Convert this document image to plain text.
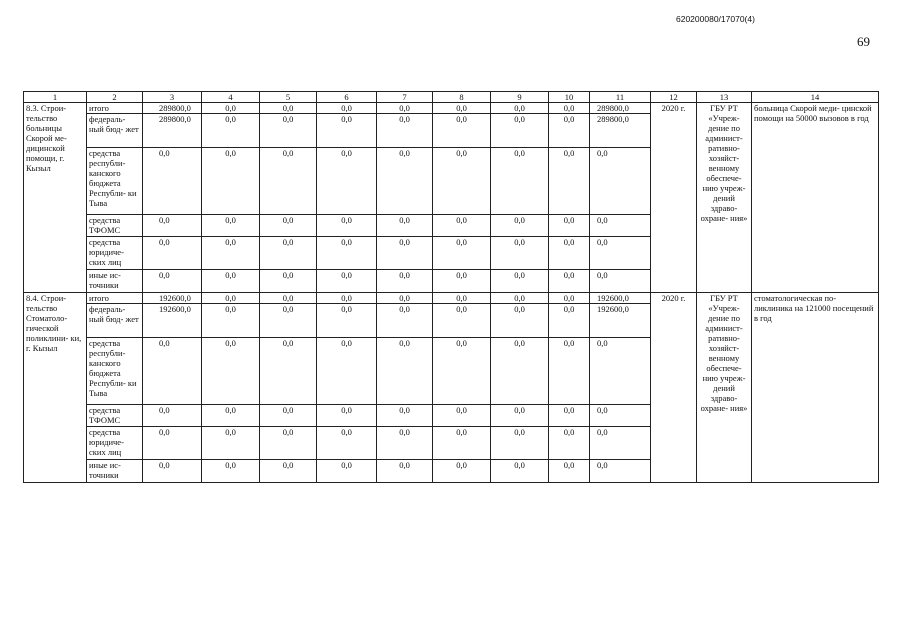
620200080/17070(4)
69
1	2	3	4	5	6	7	8	9	10	11	12	13	14
8.3. Строи- тельство больницы Скорой ме- дицинской помощи, г. Кызыл	итого	289800,0	0,0	0,0	0,0	0,0	0,0	0,0	0,0	289800,0	2020 г.	ГБУ РТ «Учреж- дение по админист- ративно- хозяйст- венному обеспече- нию учреж- дений здраво- охране- ния»	больница Скорой меди- цинской помощи на 50000 вызовов в год
	федераль- ный бюд- жет	289800,0	0,0	0,0	0,0	0,0	0,0	0,0	0,0	289800,0			
	средства республи- канского бюджета Республи- ки Тыва	0,0	0,0	0,0	0,0	0,0	0,0	0,0	0,0	0,0			
	средства ТФОМС	0,0	0,0	0,0	0,0	0,0	0,0	0,0	0,0	0,0			
	средства юридиче- ских лиц	0,0	0,0	0,0	0,0	0,0	0,0	0,0	0,0	0,0			
	иные ис- точники	0,0	0,0	0,0	0,0	0,0	0,0	0,0	0,0	0,0			
8.4. Строи- тельство Стоматоло- гической поликлини- ки, г. Кызыл	итого	192600,0	0,0	0,0	0,0	0,0	0,0	0,0	0,0	192600,0	2020 г.	ГБУ РТ «Учреж- дение по админист- ративно- хозяйст- венному обеспече- нию учреж- дений здраво- охране- ния»	стоматологическая по- ликлиника на 121000 посещений в год
	федераль- ный бюд- жет	192600,0	0,0	0,0	0,0	0,0	0,0	0,0	0,0	192600,0			
	средства республи- канского бюджета Республи- ки Тыва	0,0	0,0	0,0	0,0	0,0	0,0	0,0	0,0	0,0			
	средства ТФОМС	0,0	0,0	0,0	0,0	0,0	0,0	0,0	0,0	0,0			
	средства юридиче- ских лиц	0,0	0,0	0,0	0,0	0,0	0,0	0,0	0,0	0,0			
	иные ис- точники	0,0	0,0	0,0	0,0	0,0	0,0	0,0	0,0	0,0			
